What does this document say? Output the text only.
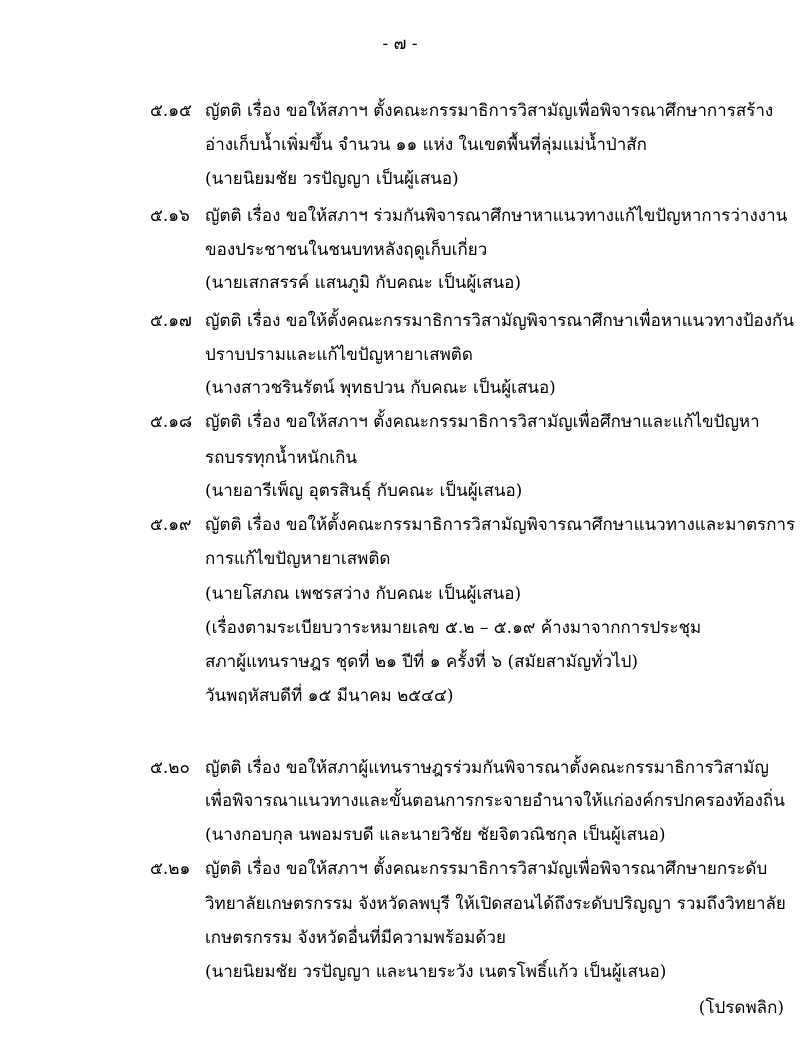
- ๗ -
๕.๑๕ ญัตติ เรื่อง ขอให้สภาฯ ตั้งคณะกรรมาธิการวิสามัญเพื่อพิจารณาศึกษาการสร้าง
อ่างเก็บน้ำเพิ่มขึ้น จำนวน ๑๑ แห่ง ในเขตพื้นที่ลุ่มแม่น้ำป่าสัก
(นายนิยมชัย วรปัญญา เป็นผู้เสนอ)
๕.๑๖ ญัตติ เรื่อง ขอให้สภาฯ ร่วมกันพิจารณาศึกษาหาแนวทางแก้ไขปัญหาการว่างงาน
ของประชาชนในชนบทหลังฤดูเก็บเกี่ยว
(นายเสกสรรค์ แสนภูมิ กับคณะ เป็นผู้เสนอ)
๕.๑๗ ญัตติ เรื่อง ขอให้ตั้งคณะกรรมาธิการวิสามัญพิจารณาศึกษาเพื่อหาแนวทางป้องกัน
ปราบปรามและแก้ไขปัญหายาเสพติด
(นางสาวชรินรัตน์ พุทธปวน กับคณะ เป็นผู้เสนอ)
๕.๑๘ ญัตติ เรื่อง ขอให้สภาฯ ตั้งคณะกรรมาธิการวิสามัญเพื่อศึกษาและแก้ไขปัญหา
รถบรรทุกน้ำหนักเกิน
(นายอารีเพ็ญ อุตรสินธุ์ กับคณะ เป็นผู้เสนอ)
๕.๑๙ ญัตติ เรื่อง ขอให้ตั้งคณะกรรมาธิการวิสามัญพิจารณาศึกษาแนวทางและมาตรการ
การแก้ไขปัญหายาเสพติด
(นายโสภณ เพชรสว่าง กับคณะ เป็นผู้เสนอ)
(เรื่องตามระเบียบวาระหมายเลข ๕.๒ – ๕.๑๙ ค้างมาจากการประชุม
สภาผู้แทนราษฎร ชุดที่ ๒๑ ปีที่ ๑ ครั้งที่ ๖ (สมัยสามัญทั่วไป)
วันพฤหัสบดีที่ ๑๕ มีนาคม ๒๕๔๔)
๕.๒๐ ญัตติ เรื่อง ขอให้สภาผู้แทนราษฎรร่วมกันพิจารณาตั้งคณะกรรมาธิการวิสามัญ
เพื่อพิจารณาแนวทางและขั้นตอนการกระจายอำนาจให้แก่องค์กรปกครองท้องถิ่น
(นางกอบกุล นพอมรบดี และนายวิชัย ชัยจิตวณิชกุล เป็นผู้เสนอ)
๕.๒๑ ญัตติ เรื่อง ขอให้สภาฯ ตั้งคณะกรรมาธิการวิสามัญเพื่อพิจารณาศึกษายกระดับ
วิทยาลัยเกษตรกรรม จังหวัดลพบุรี ให้เปิดสอนได้ถึงระดับปริญญา รวมถึงวิทยาลัย
เกษตรกรรม จังหวัดอื่นที่มีความพร้อมด้วย
(นายนิยมชัย วรปัญญา และนายระวัง เนตรโพธิ์แก้ว เป็นผู้เสนอ)
(โปรดพลิก)
